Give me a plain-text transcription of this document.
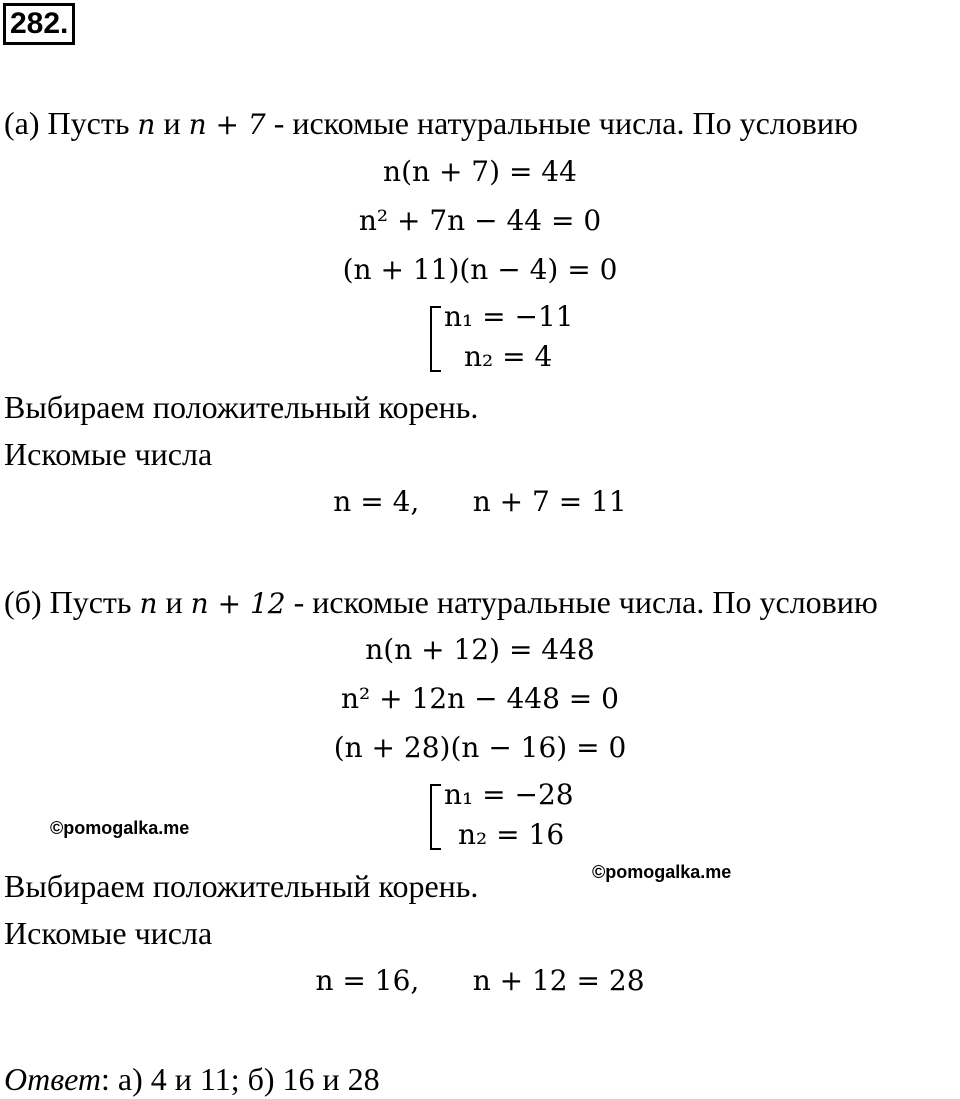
282.
(а) Пусть n и n + 7 - искомые натуральные числа. По условию
n(n + 7) = 44
n² + 7n − 44 = 0
(n + 11)(n − 4) = 0
n₁ = −11
n₂ = 4
Выбираем положительный корень.
Искомые числа
n = 4,      n + 7 = 11
(б) Пусть n и n + 12 - искомые натуральные числа. По условию
n(n + 12) = 448
n² + 12n − 448 = 0
(n + 28)(n − 16) = 0
n₁ = −28
n₂ = 16
©pomogalka.me
©pomogalka.me
Выбираем положительный корень.
Искомые числа
n = 16,      n + 12 = 28
Ответ: а) 4 и 11; б) 16 и 28
